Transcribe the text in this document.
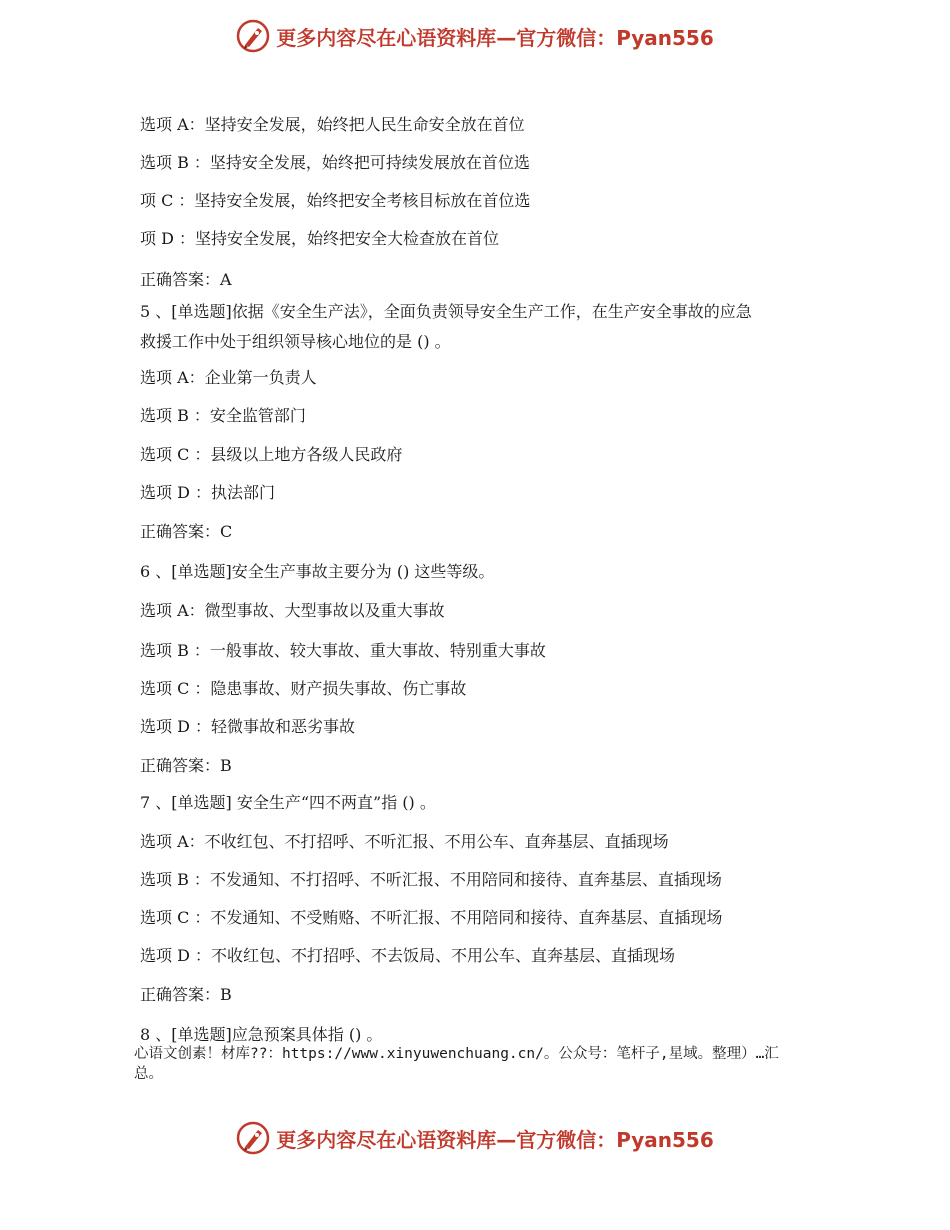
更多内容尽在心语资料库—官方微信：Pyan556
选项 A：坚持安全发展，始终把人民生命安全放在首位
选项 B ：坚持安全发展，始终把可持续发展放在首位选
项 C ：坚持安全发展，始终把安全考核目标放在首位选
项 D ：坚持安全发展，始终把安全大检查放在首位
正确答案：A
5 、[单选题]依据《安全生产法》，全面负责领导安全生产工作，在生产安全事故的应急
救援工作中处于组织领导核心地位的是 () 。
选项 A：企业第一负责人
选项 B ：安全监管部门
选项 C ：县级以上地方各级人民政府
选项 D ：执法部门
正确答案：C
6 、[单选题]安全生产事故主要分为 () 这些等级。
选项 A：微型事故、大型事故以及重大事故
选项 B ：一般事故、较大事故、重大事故、特别重大事故
选项 C ：隐患事故、财产损失事故、伤亡事故
选项 D ：轻微事故和恶劣事故
正确答案：B
7 、[单选题] 安全生产“四不两直”指 () 。
选项 A：不收红包、不打招呼、不听汇报、不用公车、直奔基层、直插现场
选项 B ：不发通知、不打招呼、不听汇报、不用陪同和接待、直奔基层、直插现场
选项 C ：不发通知、不受贿赂、不听汇报、不用陪同和接待、直奔基层、直插现场
选项 D ：不收红包、不打招呼、不去饭局、不用公车、直奔基层、直插现场
正确答案：B
8 、[单选题]应急预案具体指 () 。
心语文创素！材库??：https://www.xinyuwenchuang.cn/。公众号：笔杆子,星域。整理）…汇
总。
更多内容尽在心语资料库—官方微信：Pyan556
